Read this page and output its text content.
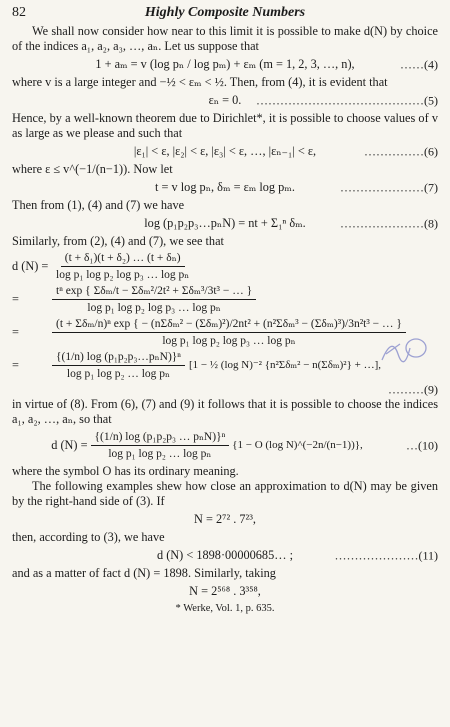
82	Highly Composite Numbers

We shall now consider how near to this limit it is possible to make d(N) by choice of the indices a₁, a₂, a₃, …, aₙ. Let us suppose that

1 + aₘ = v (log pₙ / log pₘ) + εₘ (m = 1, 2, 3, …, n),	……(4)

where v is a large integer and −½ < εₘ < ½. Then, from (4), it is evident that

εₙ = 0. ……………………………………(5)

Hence, by a well-known theorem due to Dirichlet*, it is possible to choose values of v as large as we please and such that

|ε₁| < ε, |ε₂| < ε, |ε₃| < ε, …, |εₙ₋₁| < ε,	……………(6)

where ε ≤ v^(−1/(n−1)). Now let

t = v log pₙ, δₘ = εₘ log pₘ.	…………………(7)

Then from (1), (4) and (7) we have

log (p₁p₂p₃…pₙN) = nt + Σ₁ⁿ δₘ.	…………………(8)

Similarly, from (2), (4) and (7), we see that

d $(N) = \frac{\text{(t + δ₁)(t + δ₂) … (t + δₙ)}}{\text{log p₁ log p₂ log p₃ … log pₙ}}$
=	$\frac{\text{tⁿ exp \{ Σδₘ/t − Σδₘ²/2t² + Σδₘ³/3t³ − … \}}}{\text{log p₁ log p₂ log p₃ … log pₙ}}$
=
(t + Σδₘ/n)ⁿ exp { − (nΣδₘ² − (Σδₘ)²)/2nt² + (n²Σδₘ³ − (Σδₘ)³)/3n²t³ − … }
log p₁ log p₂ log p₃ … log pₙ
=	$\frac{\text{\{(1/n) log (p₁p₂p₃…pₙN)\}ⁿ}}{\text{log p₁ log p₂ … log pₙ}} [1$ − ½ (log N)⁻² {n²Σδₘ² − n(Σδₘ)²} + …],
………(9)

in virtue of (8). From (6), (7) and (9) it follows that it is possible to choose the indices a₁, a₂, …, aₙ, so that

d $(N) = \frac{\text{\{(1/n) log (p₁p₂p₃ … pₙN)\}ⁿ}}{\text{log p₁ log p₂ … log pₙ}} \{1 - O$ (log N)^(−2n/(n−1))},	…(10)

where the symbol O has its ordinary meaning.

The following examples shew how close an approximation to d(N) may be given by the right-hand side of (3). If

N = 2⁷² . 7²³,

then, according to (3), we have

d (N) < 1898·00000685… ;	…………………(11)

and as a matter of fact d (N) = 1898. Similarly, taking

N = 2⁵⁶⁸ . 3³⁵⁸,
* Werke, Vol. 1, p. 635.
